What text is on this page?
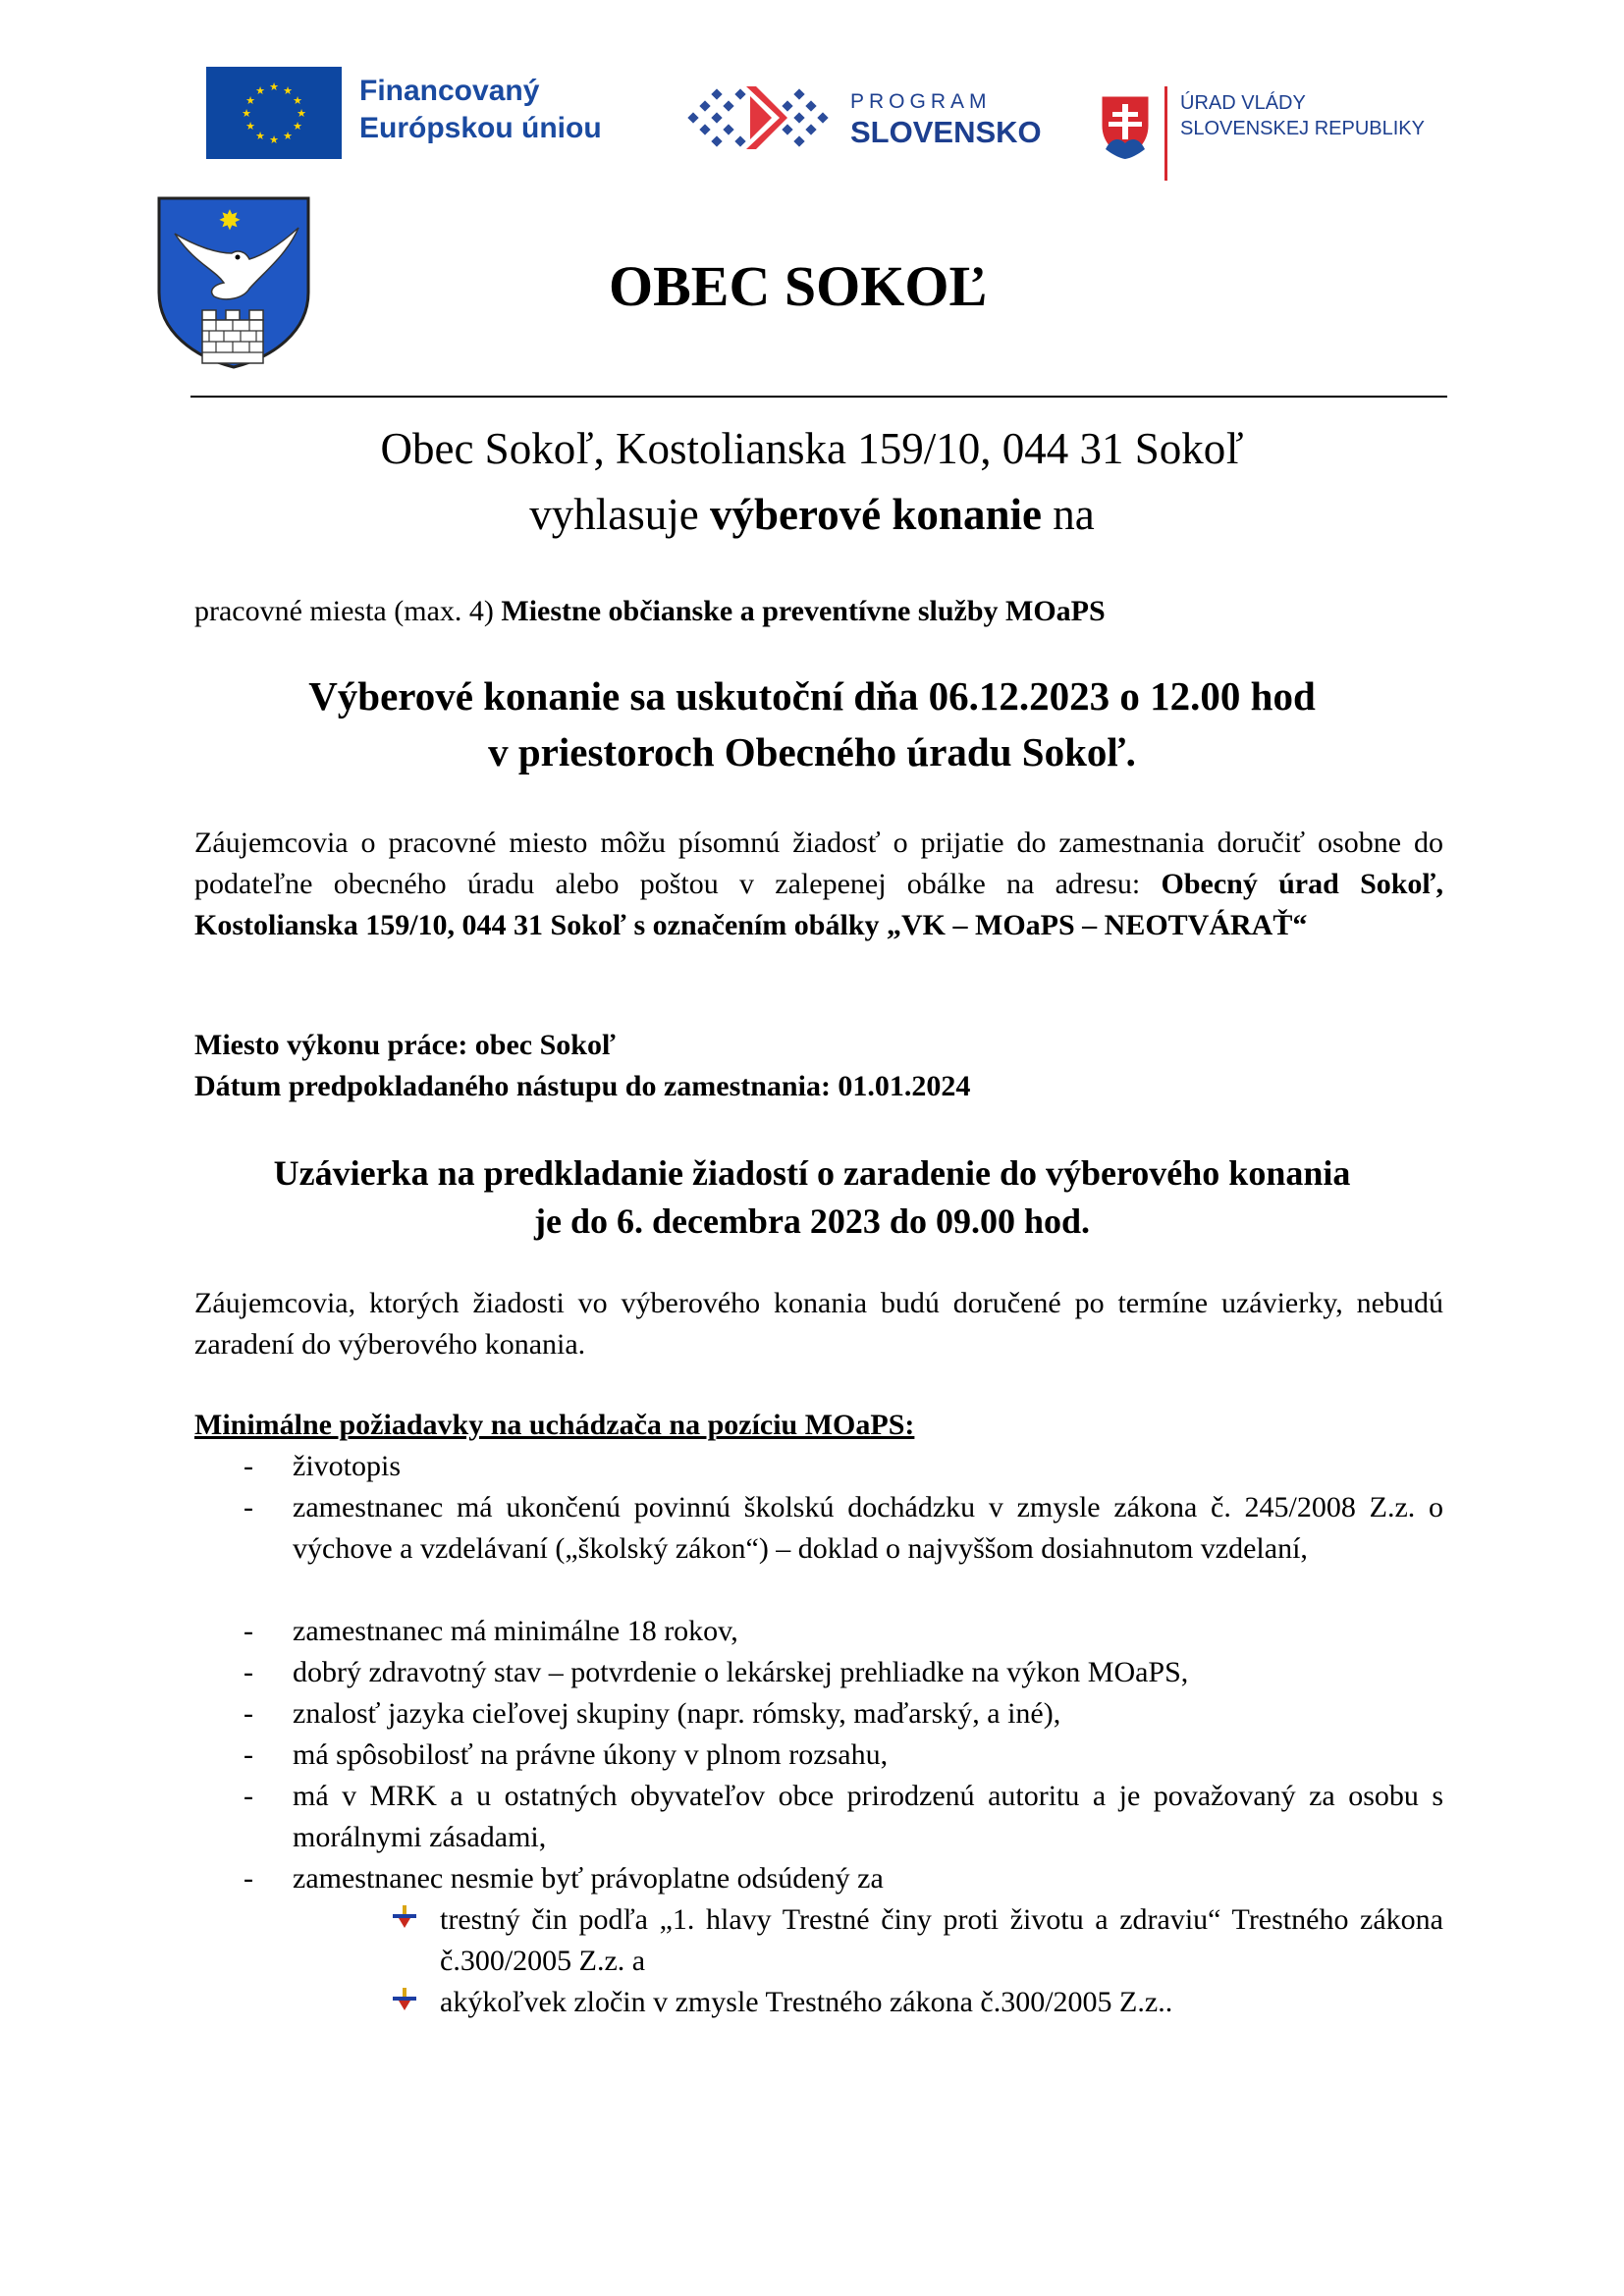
★ ★
★
★
★
★
★
★
★
★
★
★	Financovaný
Európskou úniou
PROGRAM
SLOVENSKO
ÚRAD VLÁDY
SLOVENSKEJ REPUBLIKY
✸
OBEC SOKOĽ
Obec Sokoľ, Kostolianska 159/10, 044 31 Sokoľ
vyhlasuje výberové konanie na
pracovné miesta (max. 4) Miestne občianske a preventívne služby MOaPS
Výberové konanie sa uskutoční dňa 06.12.2023 o 12.00 hod
v priestoroch Obecného úradu Sokoľ.
Záujemcovia o pracovné miesto môžu písomnú žiadosť o prijatie do zamestnania doručiť osobne do podateľne obecného úradu alebo poštou v zalepenej obálke na adresu: Obecný úrad Sokoľ, Kostolianska 159/10, 044 31 Sokoľ s označením obálky „VK – MOaPS – NEOTVÁRAŤ“
Miesto výkonu práce: obec Sokoľ
Dátum predpokladaného nástupu do zamestnania: 01.01.2024
Uzávierka na predkladanie žiadostí o zaradenie do výberového konania
je do 6. decembra 2023 do 09.00 hod.
Záujemcovia, ktorých žiadosti vo výberového konania budú doručené po termíne uzávierky, nebudú zaradení do výberového konania.
Minimálne požiadavky na uchádzača na pozíciu MOaPS:
- životopis
- zamestnanec má ukončenú povinnú školskú dochádzku v zmysle zákona č. 245/2008 Z.z. o výchove a vzdelávaní („školský zákon“) – doklad o najvyššom dosiahnutom vzdelaní,
- zamestnanec má minimálne 18 rokov,
- dobrý zdravotný stav – potvrdenie o lekárskej prehliadke na výkon MOaPS,
- znalosť jazyka cieľovej skupiny (napr. rómsky, maďarský, a iné),
- má spôsobilosť na právne úkony v plnom rozsahu,
- má v MRK a u ostatných obyvateľov obce prirodzenú autoritu a je považovaný za osobu s morálnymi zásadami,
- zamestnanec nesmie byť právoplatne odsúdený za
trestný čin podľa „1. hlavy Trestné činy proti životu a zdraviu“ Trestného zákona č.300/2005 Z.z. a
akýkoľvek zločin v zmysle Trestného zákona č.300/2005 Z.z..
